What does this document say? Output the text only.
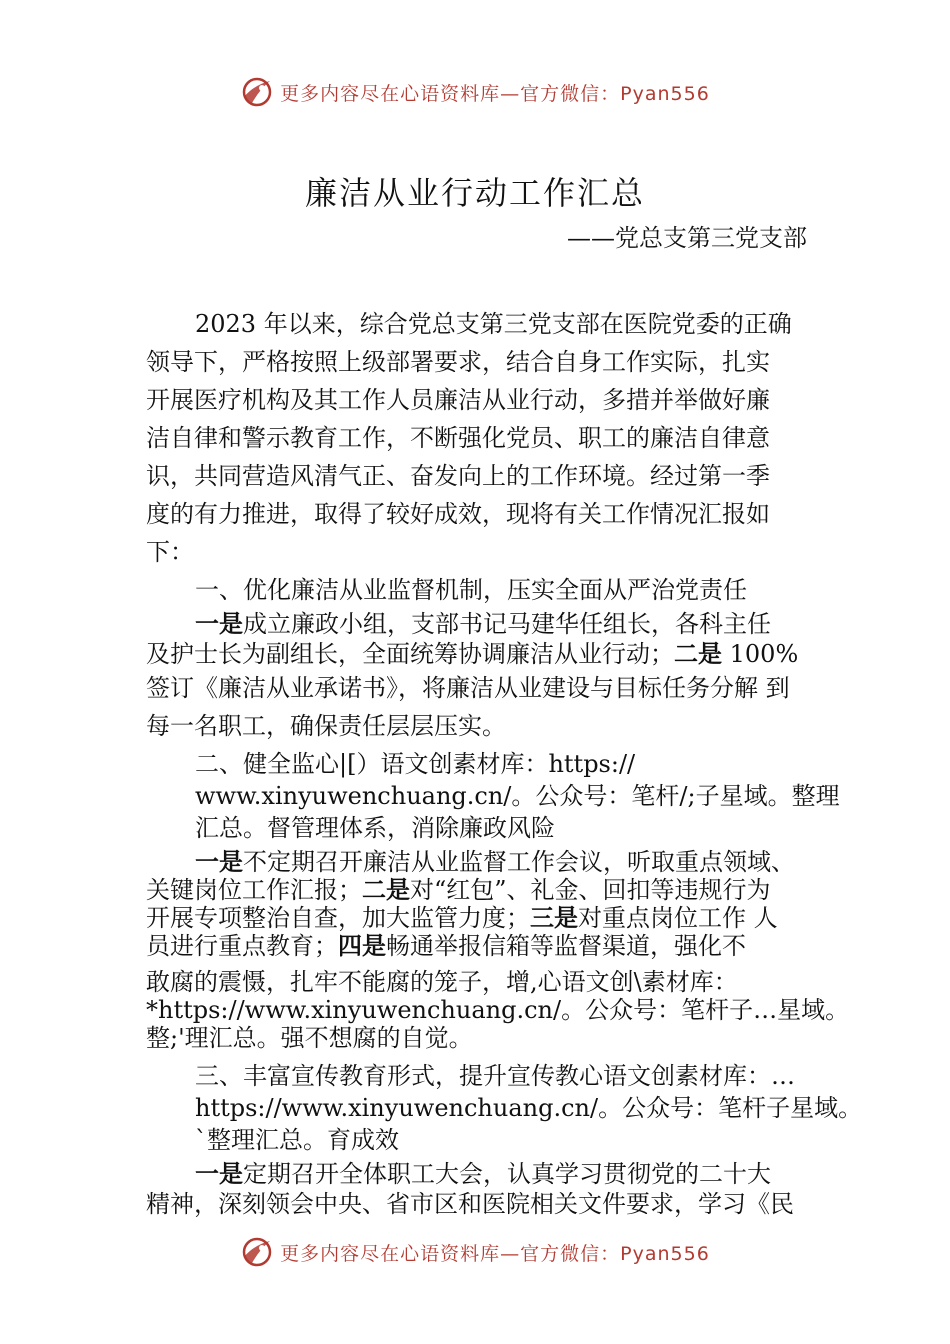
更多内容尽在心语资料库—官方微信：Pyan556
廉洁从业行动工作汇总
——党总支第三党支部
2023 年以来，综合党总支第三党支部在医院党委的正确
领导下，严格按照上级部署要求，结合自身工作实际，扎实
开展医疗机构及其工作人员廉洁从业行动，多措并举做好廉
洁自律和警示教育工作，不断强化党员、职工的廉洁自律意
识，共同营造风清气正、奋发向上的工作环境。经过第一季
度的有力推进，取得了较好成效，现将有关工作情况汇报如
下：
一、优化廉洁从业监督机制，压实全面从严治党责任
一是成立廉政小组，支部书记马建华任组长，各科主任
及护士长为副组长，全面统筹协调廉洁从业行动；二是 100%
签订《廉洁从业承诺书》，将廉洁从业建设与目标任务分解 到
每一名职工，确保责任层层压实。
二、健全监心|[）语文创素材库：https://
www.xinyuwenchuang.cn/。公众号：笔杆/;子星域。整理
汇总。督管理体系，消除廉政风险
一是不定期召开廉洁从业监督工作会议，听取重点领域、
关键岗位工作汇报；二是对“红包”、礼金、回扣等违规行为
开展专项整治自查，加大监管力度；三是对重点岗位工作 人
员进行重点教育；四是畅通举报信箱等监督渠道，强化不
敢腐的震慑，扎牢不能腐的笼子，增,心语文创\素材库：
*https://www.xinyuwenchuang.cn/。公众号：笔杆子…星域。
整;'理汇总。强不想腐的自觉。
三、丰富宣传教育形式，提升宣传教心语文创素材库：…
https://www.xinyuwenchuang.cn/。公众号：笔杆子星域。
`整理汇总。育成效
一是定期召开全体职工大会，认真学习贯彻党的二十大
精神，深刻领会中央、省市区和医院相关文件要求，学习《民
更多内容尽在心语资料库—官方微信：Pyan556
